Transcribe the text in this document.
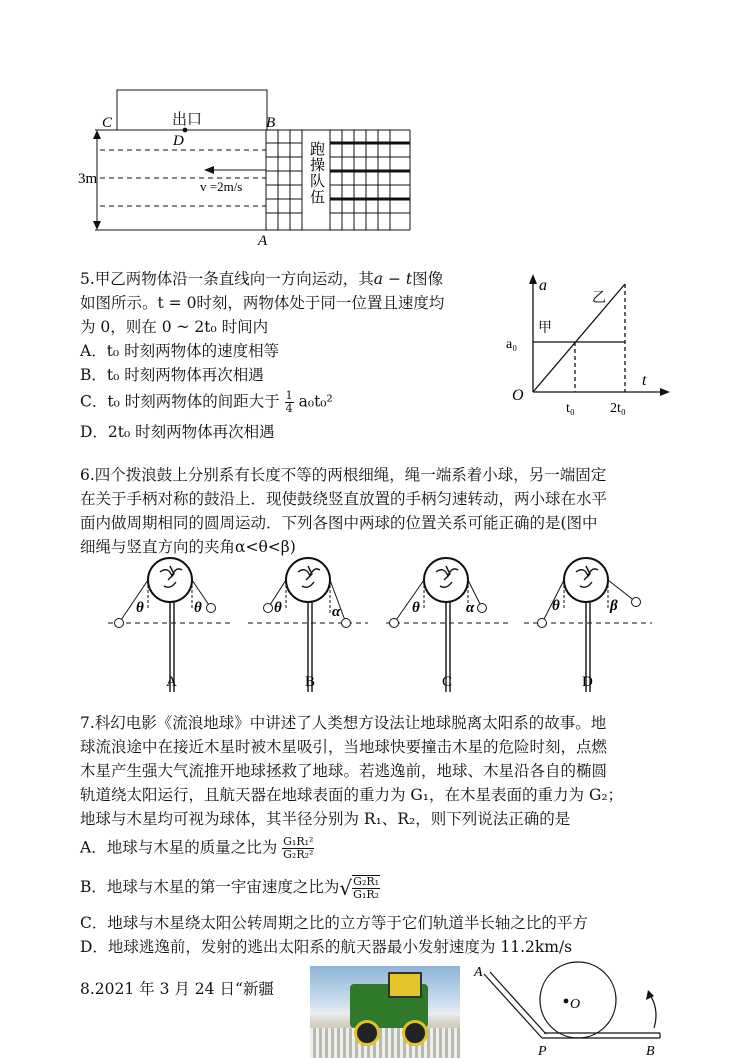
出口
C
D
B
A
3m	v =2m/s	跑操队伍
5.甲乙两物体沿一条直线向一方向运动，其a − t图像
如图所示。t = 0时刻，两物体处于同一位置且速度均
为 0，则在 0 ~ 2t₀ 时间内
A．t₀ 时刻两物体的速度相等
B．t₀ 时刻两物体再次相遇
C．t₀ 时刻两物体的间距大于 $\frac{1}{4} a_0t_0^2$
D．2t₀ 时刻两物体再次相遇
a
t
O
a₀
t₀	2t₀
甲
乙
6.四个拨浪鼓上分别系有长度不等的两根细绳，绳一端系着小球，另一端固定
在关于手柄对称的鼓沿上．现使鼓绕竖直放置的手柄匀速转动，两小球在水平
面内做周期相同的圆周运动．下列各图中两球的位置关系可能正确的是(图中
细绳与竖直方向的夹角α<θ<β)
θ	θ	θ	α	θ	α	θ	β
A	B	C	D
7.科幻电影《流浪地球》中讲述了人类想方设法让地球脱离太阳系的故事。地
球流浪途中在接近木星时被木星吸引，当地球快要撞击木星的危险时刻，点燃
木星产生强大气流推开地球拯救了地球。若逃逸前，地球、木星沿各自的椭圆
轨道绕太阳运行，且航天器在地球表面的重力为 G₁，在木星表面的重力为 G₂；
地球与木星均可视为球体，其半径分别为 R₁、R₂，则下列说法正确的是
A．地球与木星的质量之比为 $\frac{\text{G₁R₁²}}{\text{G₂R₂²}}$
B．地球与木星的第一宇宙速度之比为√ $\frac{\text{G₂R₁}}{\text{G₁R₂}}$
C．地球与木星绕太阳公转周期之比的立方等于它们轨道半长轴之比的平方
D．地球逃逸前，发射的逃出太阳系的航天器最小发射速度为 11.2km/s
8.2021 年 3 月 24 日“新疆
A
O
P	B
